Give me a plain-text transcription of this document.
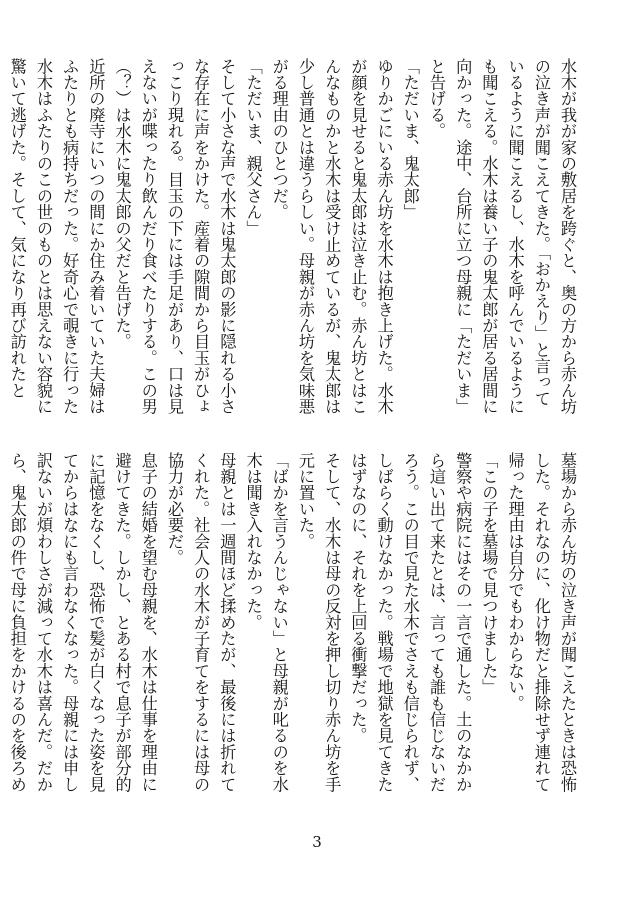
水木が我が家の敷居を跨ぐと、奥の方から赤ん坊の泣き声が聞こえてきた。「おかえり」と言っているように聞こえるし、水木を呼んでいるようにも聞こえる。水木は養い子の鬼太郎が居る居間に向かった。途中、台所に立つ母親に「ただいま」と告げる。
「ただいま、鬼太郎」
ゆりかごにいる赤ん坊を水木は抱き上げた。水木が顔を見せると鬼太郎は泣き止む。赤ん坊とはこんなものかと水木は受け止めているが、鬼太郎は少し普通とは違うらしい。母親が赤ん坊を気味悪がる理由のひとつだ。
「ただいま、親父さん」
そして小さな声で水木は鬼太郎の影に隠れる小さな存在に声をかけた。産着の隙間から目玉がひょっこり現れる。目玉の下には手足があり、口は見えないが喋ったり飲んだり食べたりする。この男（？）は水木に鬼太郎の父だと告げた。
近所の廃寺にいつの間にか住み着いていた夫婦はふたりとも病持ちだった。好奇心で覗きに行った水木はふたりのこの世のものとは思えない容貌に驚いて逃げた。そして、気になり再び訪れたと
墓場から赤ん坊の泣き声が聞こえたときは恐怖した。それなのに、化け物だと排除せず連れて帰った理由は自分でもわからない。
「この子を墓場で見つけました」
警察や病院にはその一言で通した。土のなかから這い出て来たとは、言っても誰も信じないだろう。この目で見た水木でさえも信じられず、しばらく動けなかった。戦場で地獄を見てきたはずなのに、それを上回る衝撃だった。
そして、水木は母の反対を押し切り赤ん坊を手元に置いた。
「ばかを言うんじゃない」と母親が叱るのを水木は聞き入れなかった。
母親とは一週間ほど揉めたが、最後には折れてくれた。社会人の水木が子育てをするには母の協力が必要だ。
息子の結婚を望む母親を、水木は仕事を理由に避けてきた。しかし、とある村で息子が部分的に記憶をなくし、恐怖で髪が白くなった姿を見てからはなにも言わなくなった。母親には申し訳ないが煩わしさが減って水木は喜んだ。だから、鬼太郎の件で母に負担をかけるのを後ろめ
3
